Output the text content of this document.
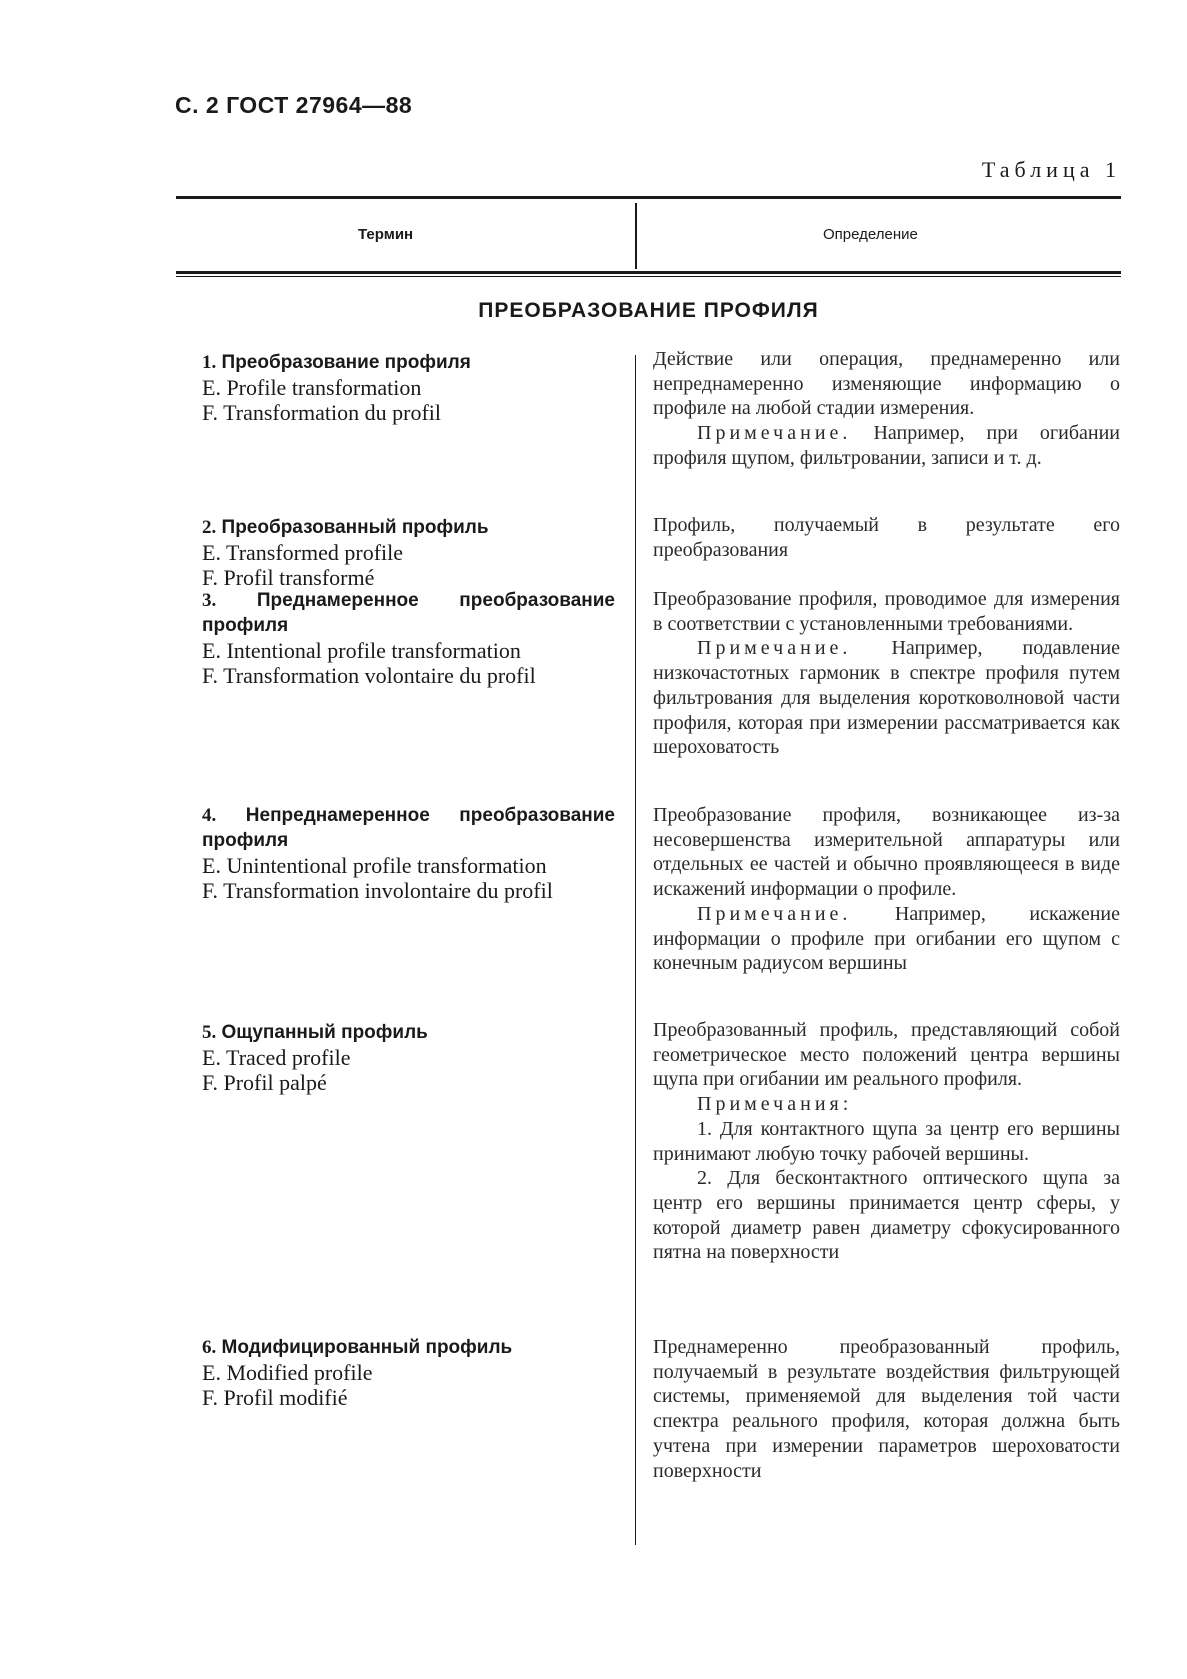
С. 2 ГОСТ 27964—88
Таблица 1
Термин	Определение
ПРЕОБРАЗОВАНИЕ ПРОФИЛЯ
1. Преобразование профиля
E. Profile transformation
F. Transformation du profil

Действие или операция, преднамеренно или непреднамеренно изменяющие информацию о профиле на любой стадии измерения.

Примечание. Например, при огибании профиля щупом, фильтровании, записи и т. д.

2. Преобразованный профиль
E. Transformed profile
F. Profil transformé

Профиль, получаемый в результате его преобразования

3. Преднамеренное преобразование профиля
E. Intentional profile transformation
F. Transformation volontaire du profil

Преобразование профиля, проводимое для измерения в соответствии с установленными требованиями.

Примечание. Например, подавление низкочастотных гармоник в спектре профиля путем фильтрования для выделения коротковолновой части профиля, которая при измерении рассматривается как шероховатость

4. Непреднамеренное преобразование профиля
E. Unintentional profile transformation
F. Transformation involontaire du profil

Преобразование профиля, возникающее из-за несовершенства измерительной аппаратуры или отдельных ее частей и обычно проявляющееся в виде искажений информации о профиле.

Примечание. Например, искажение информации о профиле при огибании его щупом с конечным радиусом вершины

5. Ощупанный профиль
E. Traced profile
F. Profil palpé

Преобразованный профиль, представляющий собой геометрическое место положений центра вершины щупа при огибании им реального профиля.

Примечания:

1. Для контактного щупа за центр его вершины принимают любую точку рабочей вершины.

2. Для бесконтактного оптического щупа за центр его вершины принимается центр сферы, у которой диаметр равен диаметру сфокусированного пятна на поверхности

6. Модифицированный профиль
E. Modified profile
F. Profil modifié

Преднамеренно преобразованный профиль, получаемый в результате воздействия фильтрующей системы, применяемой для выделения той части спектра реального профиля, которая должна быть учтена при измерении параметров шероховатости поверхности
